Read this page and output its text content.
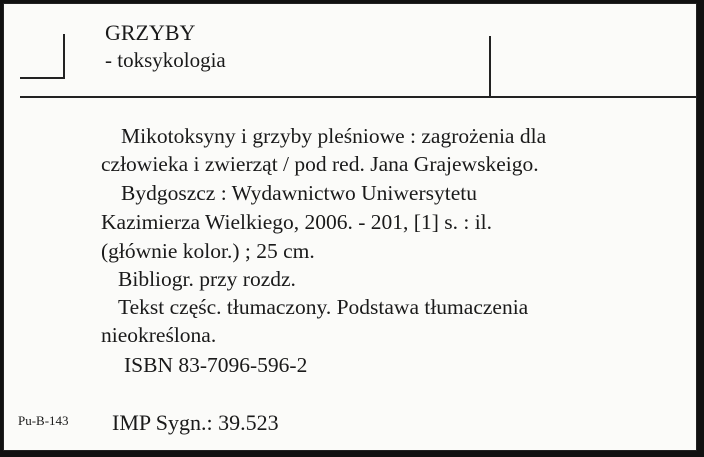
GRZYBY

- toksykologia

Mikotoksyny i grzyby pleśniowe : zagrożenia dla

człowieka i zwierząt / pod red. Jana Grajewskeigo.

Bydgoszcz : Wydawnictwo Uniwersytetu

Kazimierza Wielkiego, 2006. - 201, [1] s. : il.

(głównie kolor.) ; 25 cm.

Bibliogr. przy rozdz.

Tekst częśc. tłumaczony. Podstawa tłumaczenia

nieokreślona.

ISBN 83-7096-596-2

Pu-B-143 IMP Sygn.: 39.523
